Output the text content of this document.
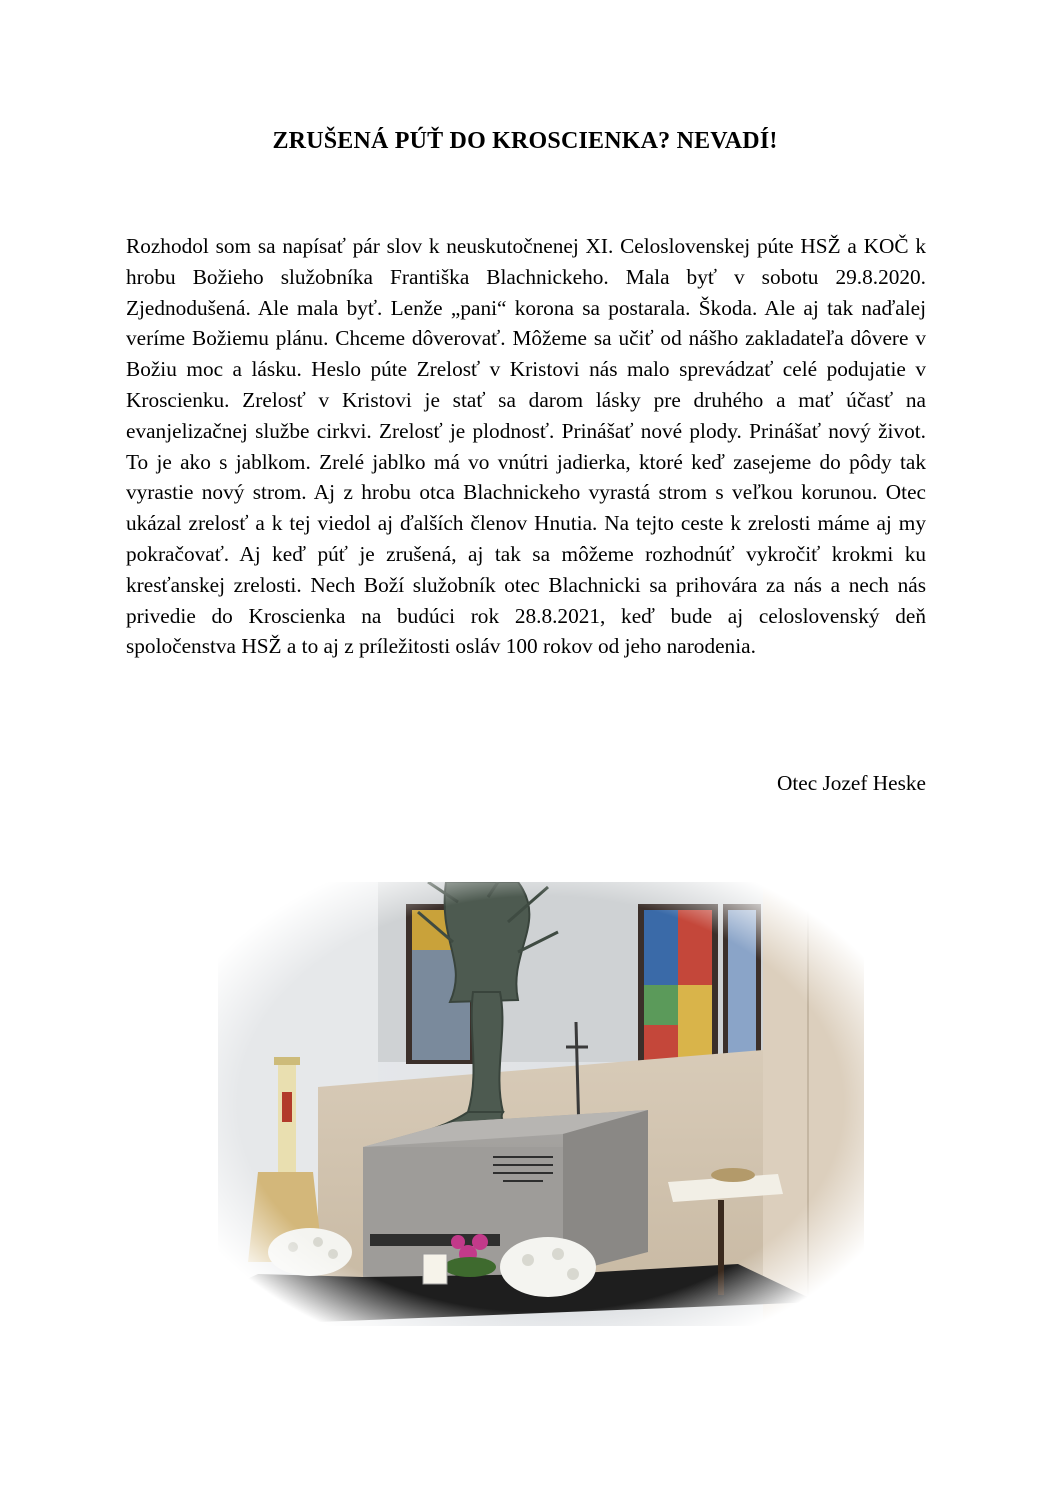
ZRUŠENÁ PÚŤ DO KROSCIENKA? NEVADÍ!
Rozhodol som sa napísať pár slov k neuskutočnenej XI. Celoslovenskej púte HSŽ a KOČ k hrobu Božieho služobníka Františka Blachnickeho. Mala byť v sobotu 29.8.2020. Zjednodušená. Ale mala byť. Lenže „pani“ korona sa postarala. Škoda. Ale aj tak naďalej veríme Božiemu plánu. Chceme dôverovať. Môžeme sa učiť od nášho zakladateľa dôvere v Božiu moc a lásku. Heslo púte Zrelosť v Kristovi nás malo sprevádzať celé podujatie v Kroscienku. Zrelosť v Kristovi je stať sa darom lásky pre druhého a mať účasť na evanjelizačnej službe cirkvi. Zrelosť je plodnosť. Prinášať nové plody. Prinášať nový život. To je ako s jablkom. Zrelé jablko má vo vnútri jadierka, ktoré keď zasejeme do pôdy tak vyrastie nový strom. Aj z hrobu otca Blachnickeho vyrastá strom s veľkou korunou. Otec ukázal zrelosť a k tej viedol aj ďalších členov Hnutia. Na tejto ceste k zrelosti máme aj my pokračovať. Aj keď púť je zrušená, aj tak sa môžeme rozhodnúť vykročiť krokmi ku kresťanskej zrelosti. Nech Boží služobník otec Blachnicki sa prihovára za nás a nech nás privedie do Kroscienka na budúci rok 28.8.2021, keď bude aj celoslovenský deň spoločenstva HSŽ a to aj z príležitosti osláv 100 rokov od jeho narodenia.
Otec Jozef Heske
